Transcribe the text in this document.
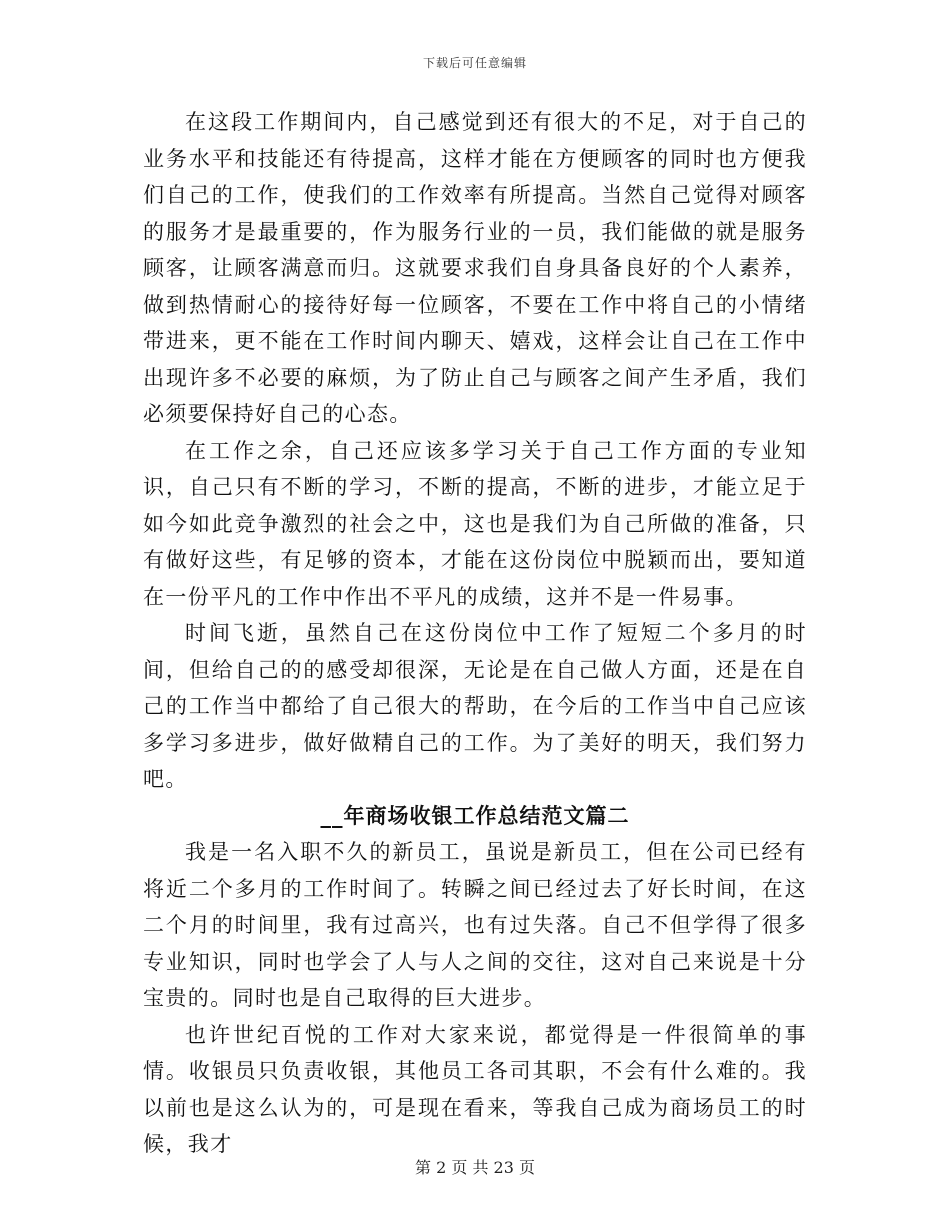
下载后可任意编辑

在这段工作期间内，自己感觉到还有很大的不足，对于自己的业务水平和技能还有待提高，这样才能在方便顾客的同时也方便我们自己的工作，使我们的工作效率有所提高。当然自己觉得对顾客的服务才是最重要的，作为服务行业的一员，我们能做的就是服务顾客，让顾客满意而归。这就要求我们自身具备良好的个人素养，做到热情耐心的接待好每一位顾客，不要在工作中将自己的小情绪带进来，更不能在工作时间内聊天、嬉戏，这样会让自己在工作中出现许多不必要的麻烦，为了防止自己与顾客之间产生矛盾，我们必须要保持好自己的心态。

在工作之余，自己还应该多学习关于自己工作方面的专业知识，自己只有不断的学习，不断的提高，不断的进步，才能立足于如今如此竞争激烈的社会之中，这也是我们为自己所做的准备，只有做好这些，有足够的资本，才能在这份岗位中脱颖而出，要知道在一份平凡的工作中作出不平凡的成绩，这并不是一件易事。

时间飞逝，虽然自己在这份岗位中工作了短短二个多月的时间，但给自己的的感受却很深，无论是在自己做人方面，还是在自己的工作当中都给了自己很大的帮助，在今后的工作当中自己应该多学习多进步，做好做精自己的工作。为了美好的明天，我们努力吧。

__年商场收银工作总结范文篇二

我是一名入职不久的新员工，虽说是新员工，但在公司已经有将近二个多月的工作时间了。转瞬之间已经过去了好长时间，在这二个月的时间里，我有过高兴，也有过失落。自己不但学得了很多专业知识，同时也学会了人与人之间的交往，这对自己来说是十分宝贵的。同时也是自己取得的巨大进步。

也许世纪百悦的工作对大家来说，都觉得是一件很简单的事情。收银员只负责收银，其他员工各司其职，不会有什么难的。我以前也是这么认为的，可是现在看来，等我自己成为商场员工的时候，我才

第 2 页 共 23 页
